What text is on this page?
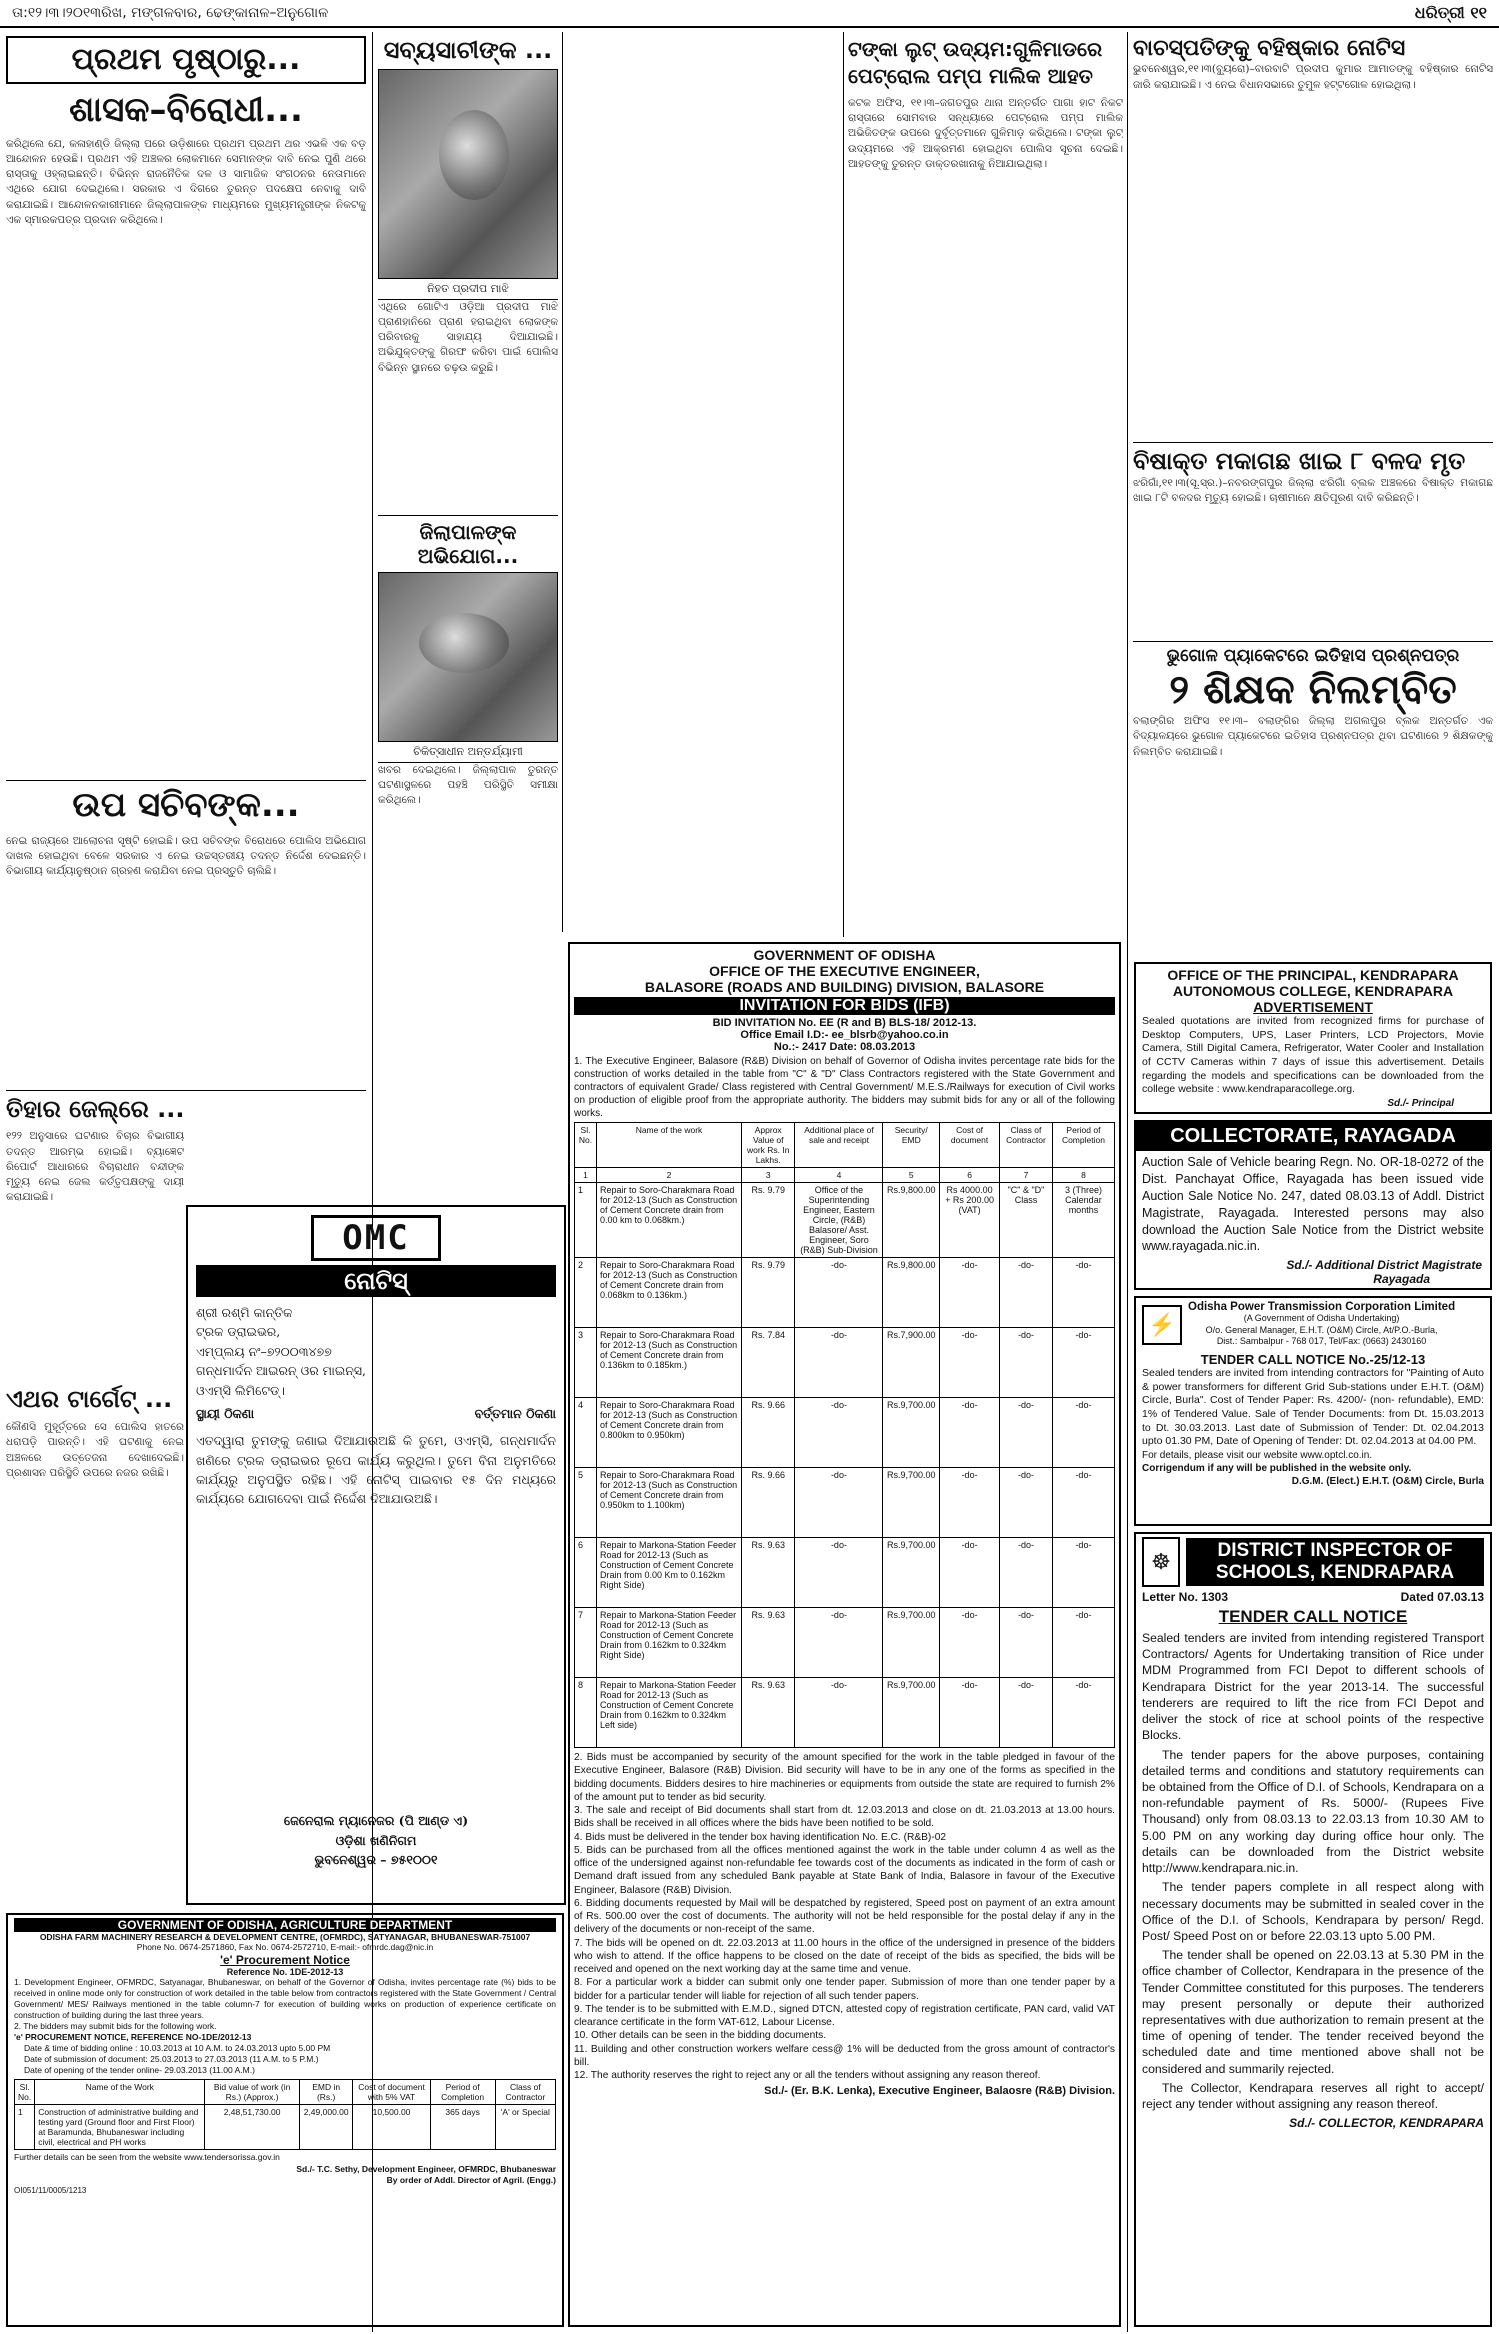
ତା:୧୨।୩।୨୦୧୩ରିଖ, ମଙ୍ଗଳବାର, ଢେଙ୍କାନାଳ–ଅନୁଗୋଳ	ଧରିତ୍ରୀ ୧୧
ପ୍ରଥମ ପୃଷ୍ଠାରୁ...
ଶାସକ–ବିରୋଧୀ...
କରିଥିଲେ ଯେ, କଳାହାଣ୍ଡି ଜିଲ୍ଲା ପରେ ଉଡ଼ିଶାରେ ପ୍ରଥମ ପ୍ରଥମ ଥର ଏଭଳି ଏକ ବଡ଼ ଆନ୍ଦୋଳନ ହେଉଛି। ପ୍ରଥମ ଏହି ଅଞ୍ଚଳର ଲୋକମାନେ ସେମାନଙ୍କ ଦାବି ନେଇ ପୁଣି ଥରେ ରାସ୍ତାକୁ ଓହ୍ଲାଇଛନ୍ତି। ବିଭିନ୍ନ ରାଜନୈତିକ ଦଳ ଓ ସାମାଜିକ ସଂଗଠନର ନେତାମାନେ ଏଥିରେ ଯୋଗ ଦେଇଥିଲେ। ସରକାର ଏ ଦିଗରେ ତୁରନ୍ତ ପଦକ୍ଷେପ ନେବାକୁ ଦାବି କରାଯାଇଛି। ଆନ୍ଦୋଳନକାରୀମାନେ ଜିଲ୍ଲାପାଳଙ୍କ ମାଧ୍ୟମରେ ମୁଖ୍ୟମନ୍ତ୍ରୀଙ୍କ ନିକଟକୁ ଏକ ସ୍ମାରକପତ୍ର ପ୍ରଦାନ କରିଥିଲେ।
ଉପ ସଚିବଙ୍କ...
ନେଇ ରାଜ୍ୟରେ ଆଲୋଚନା ସୃଷ୍ଟି ହୋଇଛି। ଉପ ସଚିବଙ୍କ ବିରୋଧରେ ପୋଲିସ ଅଭିଯୋଗ ଦାଖଲ ହୋଇଥିବା ବେଳେ ସରକାର ଏ ନେଇ ଉଚ୍ଚସ୍ତରୀୟ ତଦନ୍ତ ନିର୍ଦ୍ଦେଶ ଦେଇଛନ୍ତି। ବିଭାଗୀୟ କାର୍ଯ୍ୟାନୁଷ୍ଠାନ ଗ୍ରହଣ କରାଯିବା ନେଇ ପ୍ରସ୍ତୁତି ଚାଲିଛି।
ତିହାର ଜେଲ୍‌ରେ ...
୧୨୨ ଅନୁସାରେ ଘଟଣାର ବିଚାର ବିଭାଗୀୟ ତଦନ୍ତ ଆରମ୍ଭ ହୋଇଛି। ବ୍ୟାଜ୍ଞେଟ ରିପୋର୍ଟ ଆଧାରରେ ବିଚାରାଧୀନ ବନ୍ଦୀଙ୍କ ମୃତ୍ୟୁ ନେଇ ଜେଲ କର୍ତ୍ତୃପକ୍ଷଙ୍କୁ ଦାୟୀ କରାଯାଇଛି।
ଏଥର ଟାର୍ଗେଟ୍ ...
କୌଣସି ମୁହୂର୍ତ୍ତରେ ସେ ପୋଲିସ ହାତରେ ଧରାପଡ଼ି ପାରନ୍ତି। ଏହି ଘଟଣାକୁ ନେଇ ଅଞ୍ଚଳରେ ଉତ୍ତେଜନା ଦେଖାଦେଇଛି। ପ୍ରଶାସନ ପରିସ୍ଥିତି ଉପରେ ନଜର ରଖିଛି।
ସବ୍ୟସାଚୀଙ୍କ ...
ନିହତ ପ୍ରଦୀପ ମାଝି
ଏଥିରେ ଗୋଟିଏ ଓଡ଼ିଆ ପ୍ରଦୀପ ମାଝି ପ୍ରାଣହାନିରେ ପ୍ରାଣ ହରାଇଥିବା ଲୋକଙ୍କ ପରିବାରକୁ ସାହାଯ୍ୟ ଦିଆଯାଇଛି। ଅଭିଯୁକ୍ତଙ୍କୁ ଗିରଫ କରିବା ପାଇଁ ପୋଲିସ ବିଭିନ୍ନ ସ୍ଥାନରେ ଚଢ଼ଉ କରୁଛି।
ଜିଲାପାଳଙ୍କ ଅଭିଯୋଗ...
ଚିକିତ୍ସାଧୀନ ଅନ୍ତର୍ଯ୍ୟାମୀ
ଖବର ଦେଇଥିଲେ। ଜିଲ୍ଲାପାଳ ତୁରନ୍ତ ଘଟଣାସ୍ଥଳରେ ପହଞ୍ଚି ପରିସ୍ଥିତି ସମୀକ୍ଷା କରିଥିଲେ।
OMC
ନୋଟିସ୍
ଶ୍ରୀ ରଶ୍ମି କାନ୍ତିକ
ଟ୍ରକ ଡ୍ରାଇଭର,
ଏମ୍‌ପ୍ଲୟ ନଂ–୭୨୦୦୩୪୭୭
ଗନ୍ଧମାର୍ଦନ ଆଇରନ୍ ଓର ମାଇନ୍‌ସ,
ଓଏମ୍‌ସି ଲିମିଟେଡ୍।
ସ୍ଥାୟୀ ଠିକଣା	ବର୍ତ୍ତମାନ ଠିକଣା
ଏତଦ୍ୱାରା ତୁମଙ୍କୁ ଜଣାଇ ଦିଆଯାଉଅଛି କି ତୁମେ, ଓଏମ୍‌ସି, ଗନ୍ଧମାର୍ଦନ ଖଣିରେ ଟ୍ରକ ଡ୍ରାଇଭର ରୂପେ କାର୍ଯ୍ୟ କରୁଥିଲ। ତୁମେ ବିନା ଅନୁମତିରେ କାର୍ଯ୍ୟରୁ ଅନୁପସ୍ଥିତ ରହିଛ। ଏହି ନୋଟିସ୍ ପାଇବାର ୧୫ ଦିନ ମଧ୍ୟରେ କାର୍ଯ୍ୟରେ ଯୋଗଦେବା ପାଇଁ ନିର୍ଦ୍ଦେଶ ଦିଆଯାଉଅଛି।
ଜେନେରାଲ ମ୍ୟାନେଜର (ପି ଆଣ୍ଡ ଏ)
ଓଡ଼ିଶା ଖଣିନିଗମ
ଭୁବନେଶ୍ୱର – ୭୫୧୦୦୧
ଟଙ୍କା ଲୁଟ୍ ଉଦ୍ୟମ:ଗୁଳିମାଡରେ ପେଟ୍ରୋଲ ପମ୍ପ ମାଲିକ ଆହତ
କଟକ ଅଫିସ, ୧୧।୩–ଜଗତପୁର ଥାନା ଅନ୍ତର୍ଗତ ପାଗା ହାଟ ନିକଟ ରାସ୍ତାରେ ସୋମବାର ସନ୍ଧ୍ୟାରେ ପେଟ୍ରୋଲ ପମ୍ପ ମାଲିକ ଅଭିଜିତଙ୍କ ଉପରେ ଦୁର୍ବୃତ୍ତମାନେ ଗୁଳିମାଡ଼ କରିଥିଲେ। ଟଙ୍କା ଲୁଟ୍ ଉଦ୍ୟମରେ ଏହି ଆକ୍ରମଣ ହୋଇଥିବା ପୋଲିସ ସୂଚନା ଦେଇଛି। ଆହତଙ୍କୁ ତୁରନ୍ତ ଡାକ୍ତରଖାନାକୁ ନିଆଯାଇଥିଲା।
ବାଚସ୍ପତିଙ୍କୁ ବହିଷ୍କାର ନୋଟିସ
ଭୁବନେଶ୍ୱର,୧୧।୩(ବ୍ୟୁରୋ)–ବାରବାଟି ପ୍ରଦୀପ କୁମାର ଆମାତଙ୍କୁ ବହିଷ୍କାର ନୋଟିସ ଜାରି କରାଯାଇଛି। ଏ ନେଇ ବିଧାନସଭାରେ ତୁମୁଳ ହଟ୍ଟଗୋଳ ହୋଇଥିଲା।
ବିଷାକ୍ତ ମକାଗଛ ଖାଇ ୮ ବଳଦ ମୃତ
ଝରିଗାଁ,୧୧।୩(ସୂ.ସ୍ର.)–ନବରଙ୍ଗପୁର ଜିଲ୍ଲା ଝରିଗାଁ ବ୍ଲକ ଅଞ୍ଚଳରେ ବିଷାକ୍ତ ମକାଗଛ ଖାଇ ୮ଟି ବଳଦର ମୃତ୍ୟୁ ହୋଇଛି। ଚାଷୀମାନେ କ୍ଷତିପୂରଣ ଦାବି କରିଛନ୍ତି।
ଭୁଗୋଳ ପ୍ୟାକେଟରେ ଇତିହାସ ପ୍ରଶ୍ନପତ୍ର
୨ ଶିକ୍ଷକ ନିଲମ୍ବିତ
ବଲାଙ୍ଗିର ଅଫିସ ୧୧।୩– ବଲାଙ୍ଗିର ଜିଲ୍ଲା ଅଗଲପୁର ବ୍ଲକ ଅନ୍ତର୍ଗତ ଏକ ବିଦ୍ୟାଳୟରେ ଭୁଗୋଳ ପ୍ୟାକେଟରେ ଇତିହାସ ପ୍ରଶ୍ନପତ୍ର ଥିବା ଘଟଣାରେ ୨ ଶିକ୍ଷକଙ୍କୁ ନିଲମ୍ବିତ କରାଯାଇଛି।
OFFICE OF THE PRINCIPAL, KENDRAPARA
AUTONOMOUS COLLEGE, KENDRAPARA
ADVERTISEMENT
Sealed quotations are invited from recognized firms for purchase of Desktop Computers, UPS, Laser Printers, LCD Projectors, Movie Camera, Still Digital Camera, Refrigerator, Water Cooler and Installation of CCTV Cameras within 7 days of issue this advertisement. Details regarding the models and specifications can be downloaded from the college website : www.kendraparacollege.org.
Sd./- Principal
COLLECTORATE, RAYAGADA
Auction Sale of Vehicle bearing Regn. No. OR-18-0272 of the Dist. Panchayat Office, Rayagada has been issued vide Auction Sale Notice No. 247, dated 08.03.13 of Addl. District Magistrate, Rayagada. Interested persons may also download the Auction Sale Notice from the District website www.rayagada.nic.in.
Sd./- Additional District Magistrate
Rayagada
⚡
Odisha Power Transmission Corporation Limited
(A Government of Odisha Undertaking)
O/o. General Manager, E.H.T. (O&M) Circle, At/P.O.-Burla,
Dist.: Sambalpur - 768 017, Tel/Fax: (0663) 2430160
TENDER CALL NOTICE No.-25/12-13
Sealed tenders are invited from intending contractors for "Painting of Auto & power transformers for different Grid Sub-stations under E.H.T. (O&M) Circle, Burla". Cost of Tender Paper: Rs. 4200/- (non- refundable), EMD: 1% of Tendered Value. Sale of Tender Documents: from Dt. 15.03.2013 to Dt. 30.03.2013. Last date of Submission of Tender: Dt. 02.04.2013 upto 01.30 PM, Date of Opening of Tender: Dt. 02.04.2013 at 04.00 PM.
For details, please visit our website www.optcl.co.in.
Corrigendum if any will be published in the website only.
D.G.M. (Elect.) E.H.T. (O&M) Circle, Burla
☸	DISTRICT INSPECTOR OF
SCHOOLS, KENDRAPARA
Letter No. 1303	Dated 07.03.13
TENDER CALL NOTICE

Sealed tenders are invited from intending registered Transport Contractors/ Agents for Undertaking transition of Rice under MDM Programmed from FCI Depot to different schools of Kendrapara District for the year 2013-14. The successful tenderers are required to lift the rice from FCI Depot and deliver the stock of rice at school points of the respective Blocks.

The tender papers for the above purposes, containing detailed terms and conditions and statutory requirements can be obtained from the Office of D.I. of Schools, Kendrapara on a non-refundable payment of Rs. 5000/- (Rupees Five Thousand) only from 08.03.13 to 22.03.13 from 10.30 AM to 5.00 PM on any working day during office hour only. The details can be downloaded from the District website http://www.kendrapara.nic.in.

The tender papers complete in all respect along with necessary documents may be submitted in sealed cover in the Office of the D.I. of Schools, Kendrapara by person/ Regd. Post/ Speed Post on or before 22.03.13 upto 5.00 PM.

The tender shall be opened on 22.03.13 at 5.30 PM in the office chamber of Collector, Kendrapara in the presence of the Tender Committee constituted for this purposes. The tenderers may present personally or depute their authorized representatives with due authorization to remain present at the time of opening of tender. The tender received beyond the scheduled date and time mentioned above shall not be considered and summarily rejected.

The Collector, Kendrapara reserves all right to accept/ reject any tender without assigning any reason thereof.

Sd./- COLLECTOR, KENDRAPARA
GOVERNMENT OF ODISHA
OFFICE OF THE EXECUTIVE ENGINEER,
BALASORE (ROADS AND BUILDING) DIVISION, BALASORE
INVITATION FOR BIDS (IFB)
BID INVITATION No. EE (R and B) BLS-18/ 2012-13.
Office Email I.D:- ee_blsrb@yahoo.co.in
No.:- 2417 Date: 08.03.2013
1. The Executive Engineer, Balasore (R&B) Division on behalf of Governor of Odisha invites percentage rate bids for the construction of works detailed in the table from "C" & "D" Class Contractors registered with the State Government and contractors of equivalent Grade/ Class registered with Central Government/ M.E.S./Railways for execution of Civil works on production of eligible proof from the appropriate authority. The bidders may submit bids for any or all of the following works.
Sl. No.	Name of the work	Approx Value of work Rs. In Lakhs.	Additional place of sale and receipt	Security/ EMD	Cost of document	Class of Contractor	Period of Completion
1	2	3	4	5	6	7	8
1	Repair to Soro-Charakmara Road for 2012-13 (Such as Construction of Cement Concrete drain from 0.00 km to 0.068km.)	Rs. 9.79	Office of the Superintending Engineer, Eastern Circle, (R&B) Balasore/ Asst. Engineer, Soro (R&B) Sub-Division	Rs.9,800.00	Rs 4000.00 + Rs 200.00 (VAT)	"C" & "D" Class	3 (Three) Calendar months
2	Repair to Soro-Charakmara Road for 2012-13 (Such as Construction of Cement Concrete drain from 0.068km to 0.136km.)	Rs. 9.79	-do-	Rs.9,800.00	-do-	-do-	-do-
3	Repair to Soro-Charakmara Road for 2012-13 (Such as Construction of Cement Concrete drain from 0.136km to 0.185km.)	Rs. 7.84	-do-	Rs.7,900.00	-do-	-do-	-do-
4	Repair to Soro-Charakmara Road for 2012-13 (Such as Construction of Cement Concrete drain from 0.800km to 0.950km)	Rs. 9.66	-do-	Rs.9,700.00	-do-	-do-	-do-
5	Repair to Soro-Charakmara Road for 2012-13 (Such as Construction of Cement Concrete drain from 0.950km to 1.100km)	Rs. 9.66	-do-	Rs.9,700.00	-do-	-do-	-do-
6	Repair to Markona-Station Feeder Road for 2012-13 (Such as Construction of Cement Concrete Drain from 0.00 Km to 0.162km Right Side)	Rs. 9.63	-do-	Rs.9,700.00	-do-	-do-	-do-
7	Repair to Markona-Station Feeder Road for 2012-13 (Such as Construction of Cement Concrete Drain from 0.162km to 0.324km Right Side)	Rs. 9.63	-do-	Rs.9,700.00	-do-	-do-	-do-
8	Repair to Markona-Station Feeder Road for 2012-13 (Such as Construction of Cement Concrete Drain from 0.162km to 0.324km Left side)	Rs. 9.63	-do-	Rs.9,700.00	-do-	-do-	-do-

2. Bids must be accompanied by security of the amount specified for the work in the table pledged in favour of the Executive Engineer, Balasore (R&B) Division. Bid security will have to be in any one of the forms as specified in the bidding documents. Bidders desires to hire machineries or equipments from outside the state are required to furnish 2% of the amount put to tender as bid security.

3. The sale and receipt of Bid documents shall start from dt. 12.03.2013 and close on dt. 21.03.2013 at 13.00 hours. Bids shall be received in all offices where the bids have been notified to be sold.

4. Bids must be delivered in the tender box having identification No. E.C. (R&B)-02

5. Bids can be purchased from all the offices mentioned against the work in the table under column 4 as well as the office of the undersigned against non-refundable fee towards cost of the documents as indicated in the form of cash or Demand draft issued from any scheduled Bank payable at State Bank of India, Balasore in favour of the Executive Engineer, Balasore (R&B) Division.

6. Bidding documents requested by Mail will be despatched by registered, Speed post on payment of an extra amount of Rs. 500.00 over the cost of documents. The authority will not be held responsible for the postal delay if any in the delivery of the documents or non-receipt of the same.

7. The bids will be opened on dt. 22.03.2013 at 11.00 hours in the office of the undersigned in presence of the bidders who wish to attend. If the office happens to be closed on the date of receipt of the bids as specified, the bids will be received and opened on the next working day at the same time and venue.

8. For a particular work a bidder can submit only one tender paper. Submission of more than one tender paper by a bidder for a particular tender will liable for rejection of all such tender papers.

9. The tender is to be submitted with E.M.D., signed DTCN, attested copy of registration certificate, PAN card, valid VAT clearance certificate in the form VAT-612, Labour License.

10. Other details can be seen in the bidding documents.

11. Building and other construction workers welfare cess@ 1% will be deducted from the gross amount of contractor's bill.

12. The authority reserves the right to reject any or all the tenders without assigning any reason thereof.

Sd./- (Er. B.K. Lenka), Executive Engineer, Balaosre (R&B) Division.
GOVERNMENT OF ODISHA, AGRICULTURE DEPARTMENT
ODISHA FARM MACHINERY RESEARCH & DEVELOPMENT CENTRE, (OFMRDC), SATYANAGAR, BHUBANESWAR-751007
Phone No. 0674-2571860, Fax No. 0674-2572710, E-mail:- ofmrdc.dag@nic.in
'e' Procurement Notice
Reference No. 1DE-2012-13
1. Development Engineer, OFMRDC, Satyanagar, Bhubaneswar, on behalf of the Governor of Odisha, invites percentage rate (%) bids to be received in online mode only for construction of work detailed in the table below from contractors registered with the State Government / Central Government/ MES/ Railways mentioned in the table column-7 for execution of building works on production of experience certificate on construction of building during the last three years.
2. The bidders may submit bids for the following work.
'e' PROCUREMENT NOTICE, REFERENCE NO-1DE/2012-13
Date & time of bidding online : 10.03.2013 at 10 A.M. to 24.03.2013 upto 5.00 PM
Date of submission of document: 25.03.2013 to 27.03.2013 (11 A.M. to 5 P.M.)
Date of opening of the tender online- 29.03.2013 (11.00 A.M.)
Sl. No.	Name of the Work	Bid value of work (in Rs.) (Approx.)	EMD in (Rs.)	Cost of document with 5% VAT	Period of Completion	Class of Contractor
1	Construction of administrative building and testing yard (Ground floor and First Floor) at Baramunda, Bhubaneswar including civil, electrical and PH works	2,48,51,730.00	2,49,000.00	10,500.00	365 days	'A' or Special
Further details can be seen from the website www.tendersorissa.gov.in
Sd./- T.C. Sethy, Development Engineer, OFMRDC, Bhubaneswar
By order of Addl. Director of Agril. (Engg.)
OI051/11/0005/1213
